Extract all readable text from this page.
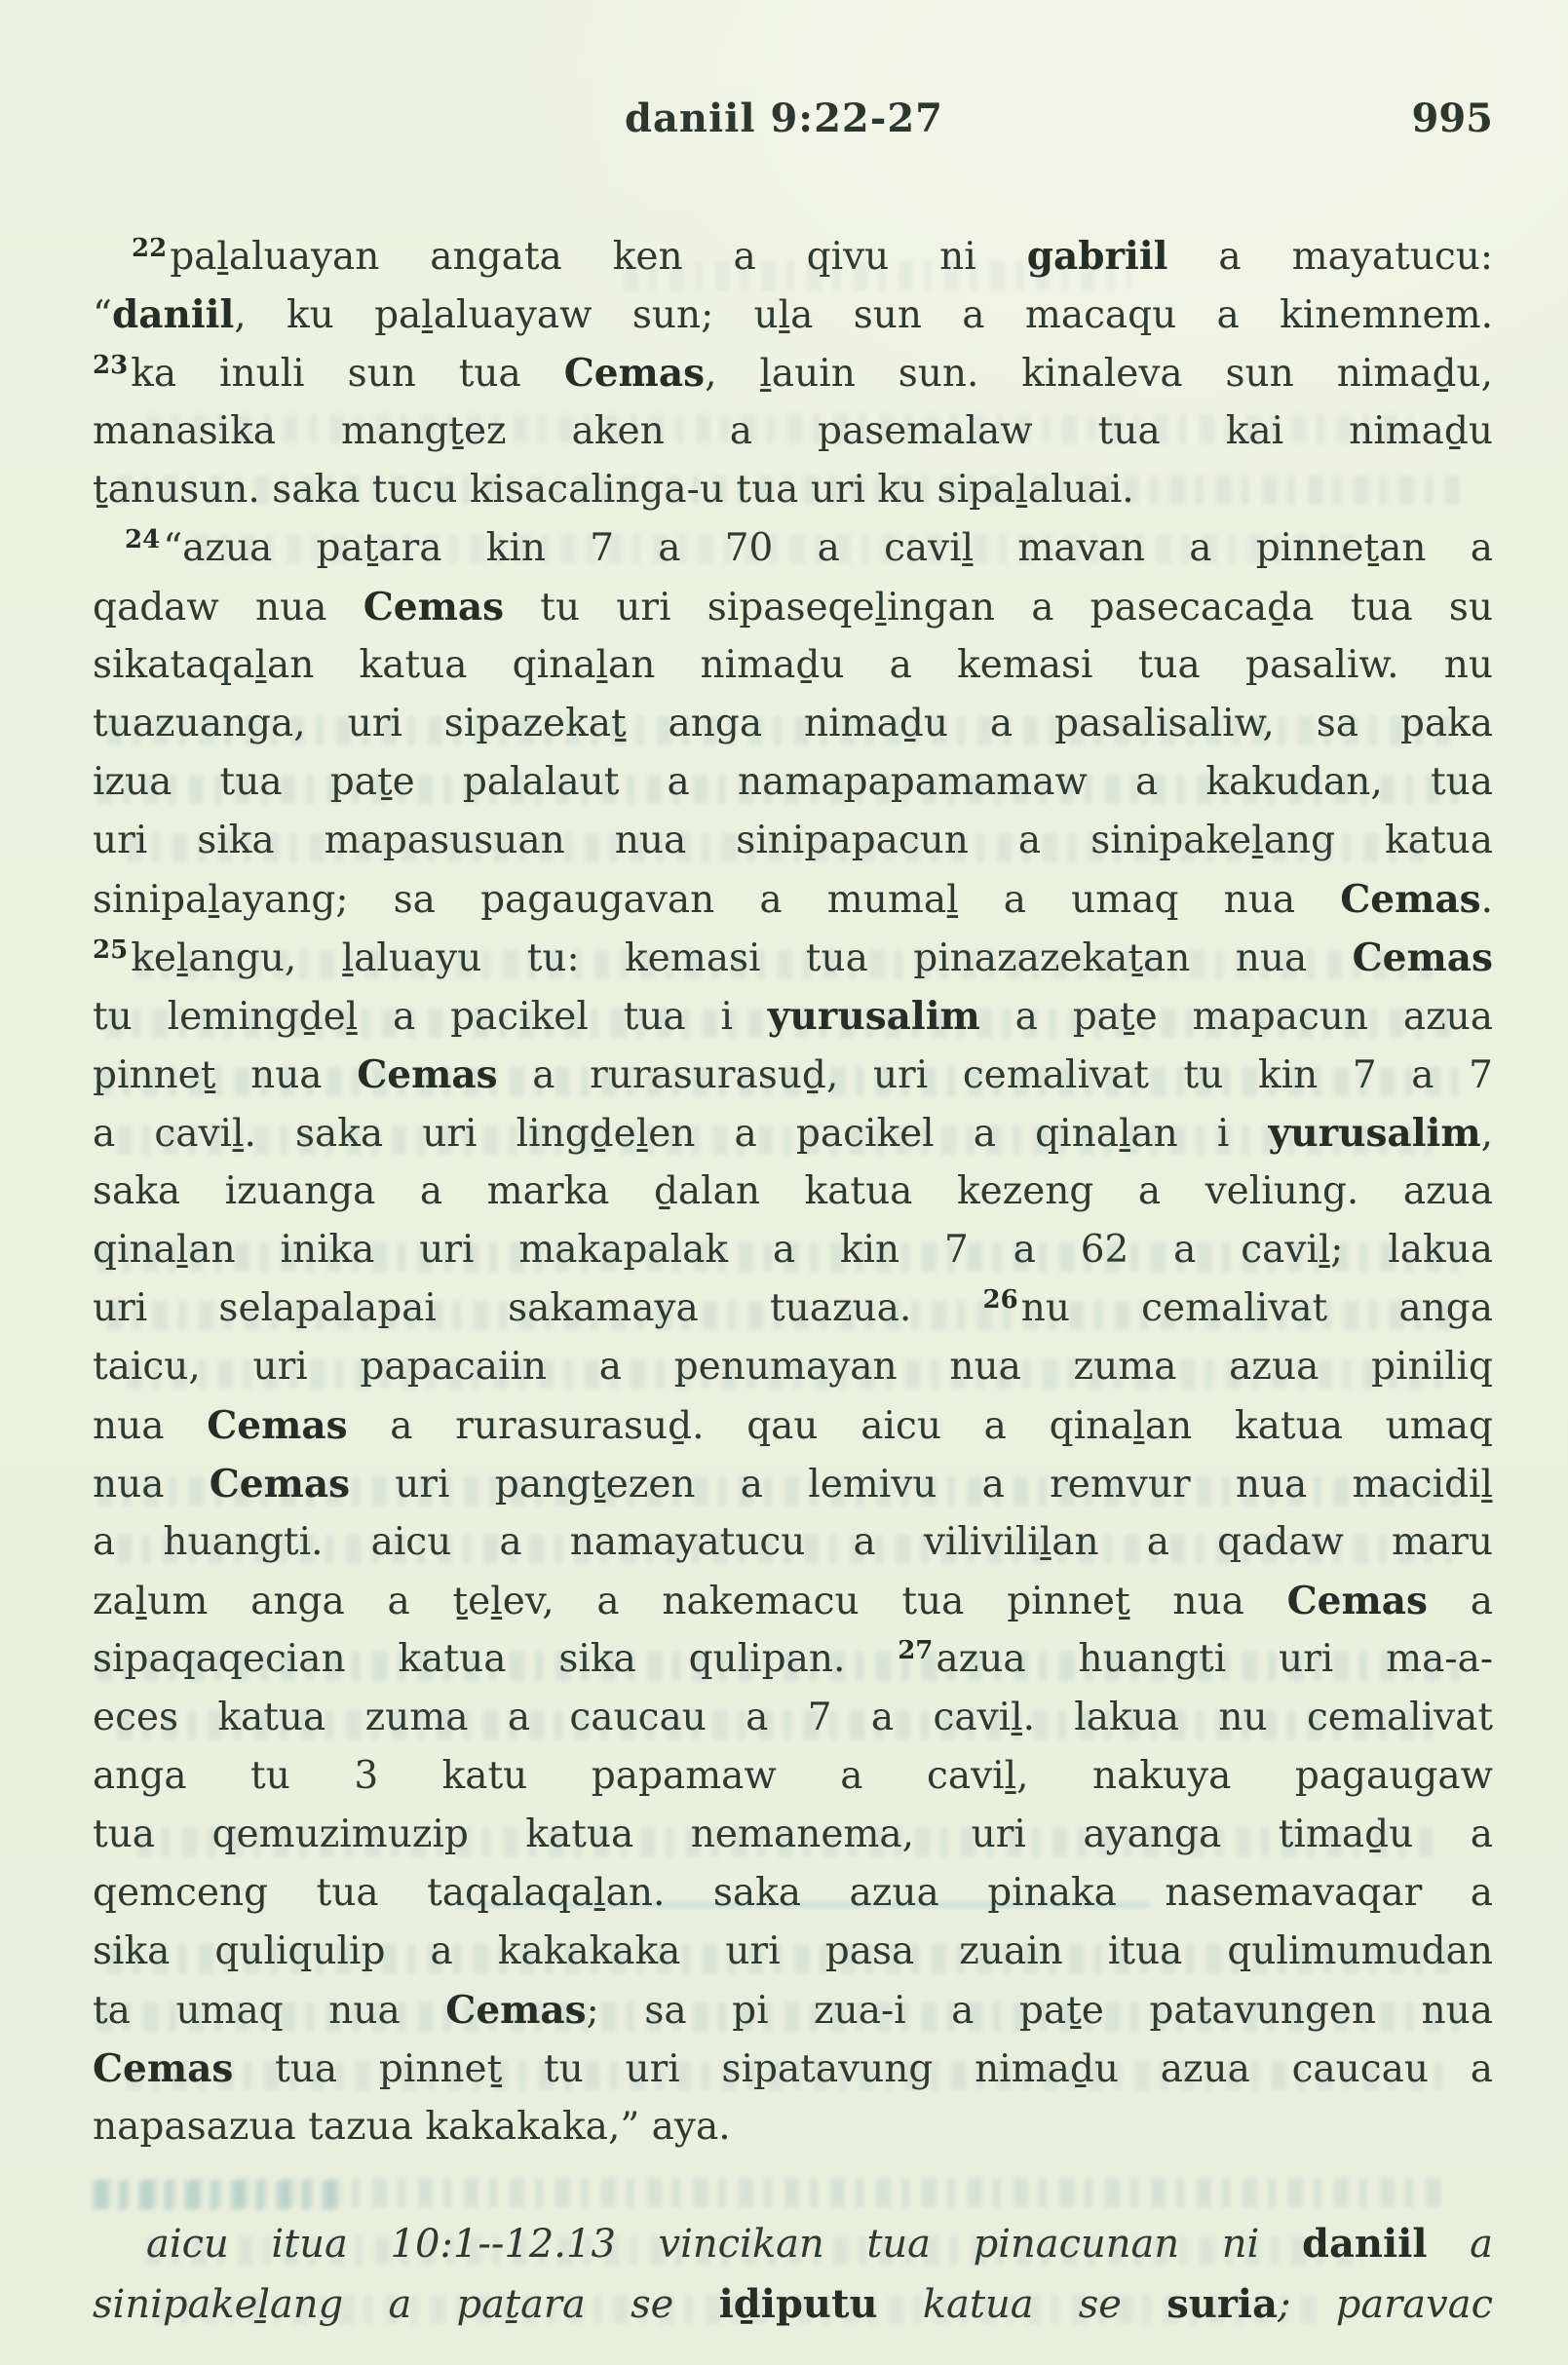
daniil 9:22-27	995
$^{22}$paḻaluayan angata ken a qivu ni gabriil a mayatucu:
“daniil, ku paḻaluayaw sun; uḻa sun a macaqu a kinemnem.
$^{23}$ka inuli sun tua Cemas, ḻauin sun. kinaleva sun nimaḏu,
manasika mangṯez aken a pasemalaw tua kai nimaḏu
ṯanusun. saka tucu kisacalinga-u tua uri ku sipaḻaluai.
$^{24}$“azua paṯara kin 7 a 70 a caviḻ mavan a pinneṯan a
qadaw nua Cemas tu uri sipaseqeḻingan a pasecacaḏa tua su
sikataqaḻan katua qinaḻan nimaḏu a kemasi tua pasaliw. nu
tuazuanga, uri sipazekaṯ anga nimaḏu a pasalisaliw, sa paka
izua tua paṯe palalaut a namapapamamaw a kakudan, tua
uri sika mapasusuan nua sinipapacun a sinipakeḻang katua
sinipaḻayang; sa pagaugavan a mumaḻ a umaq nua Cemas.
$^{25}$keḻangu, ḻaluayu tu: kemasi tua pinazazekaṯan nua Cemas
tu lemingḏeḻ a pacikel tua i yurusalim a paṯe mapacun azua
pinneṯ nua Cemas a rurasurasuḏ, uri cemalivat tu kin 7 a 7
a caviḻ. saka uri lingḏeḻen a pacikel a qinaḻan i yurusalim,
saka izuanga a marka ḏalan katua kezeng a veliung. azua
qinaḻan inika uri makapalak a kin 7 a 62 a caviḻ; lakua
uri selapalapai sakamaya tuazua. $^{26}$nu cemalivat anga
taicu, uri papacaiin a penumayan nua zuma azua piniliq
nua Cemas a rurasurasuḏ. qau aicu a qinaḻan katua umaq
nua Cemas uri pangṯezen a lemivu a remvur nua macidiḻ
a huangti. aicu a namayatucu a viliviliḻan a qadaw maru
zaḻum anga a ṯeḻev, a nakemacu tua pinneṯ nua Cemas a
sipaqaqecian katua sika qulipan. $^{27}$azua huangti uri ma-a-
eces katua zuma a caucau a 7 a caviḻ. lakua nu cemalivat
anga tu 3 katu papamaw a caviḻ, nakuya pagaugaw
tua qemuzimuzip katua nemanema, uri ayanga timaḏu a
qemceng tua taqalaqaḻan. saka azua pinaka nasemavaqar a
sika quliqulip a kakakaka uri pasa zuain itua qulimumudan
ta umaq nua Cemas; sa pi zua-i a paṯe patavungen nua
Cemas tua pinneṯ tu uri sipatavung nimaḏu azua caucau a
napasazua tazua kakakaka,” aya.
aicu itua 10:1--12.13 vincikan tua pinacunan ni daniil a
sinipakeḻang a paṯara se iḏiputu katua se suria; paravac
